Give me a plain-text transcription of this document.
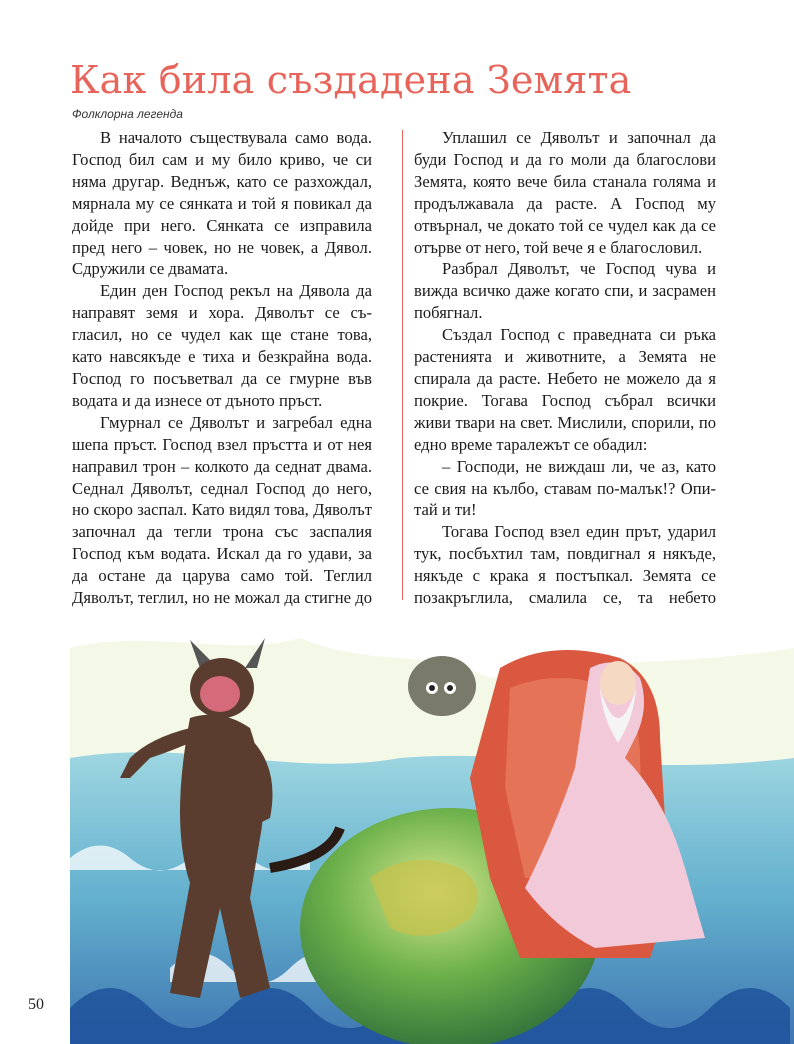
Как била създадена Земята
Фолклорна легенда

В началото съществувала само вода. Господ бил сам и му било криво, че си няма другар. Веднъж, като се разхождал, мярнала му се сянката и той я повикал да дойде при него. Сянката се изправила пред него – човек, но не човек, а Дявол. Сдружили се двамата.

Един ден Господ рекъл на Дявола да направят земя и хора. Дяволът се съгласил, но се чудел как ще стане това, като навсякъде е тиха и безкрайна вода. Господ го посъветвал да се гмурне във водата и да изнесе от дъното пръст.

Гмурнал се Дяволът и загребал една шепа пръст. Господ взел пръстта и от нея направил трон – колкото да седнат двама. Седнал Дяволът, седнал Господ до него, но скоро заспал. Като видял това, Дяволът започнал да тегли трона със заспалия Господ към водата. Искал да го удави, за да остане да царува само той. Теглил Дяволът, теглил, но не можал да стигне до

Уплашил се Дяволът и започнал да буди Господ и да го моли да благослови Земята, която вече била станала голяма и продължавала да расте. А Господ му отвърнал, че докато той се чудел как да се отърве от него, той вече я е благословил.

Разбрал Дяволът, че Господ чува и вижда всичко даже когато спи, и засрамен побягнал.

Създал Господ с праведната си ръка растенията и животните, а Земята не спирала да расте. Небето не можело да я покрие. Тогава Господ събрал всички живи твари на свет. Мислили, спорили, по едно време таралежът се обадил:

– Господи, не виждаш ли, че аз, като се свия на кълбо, ставам по-малък!? Опитай и ти!

Тогава Господ взел един прът, ударил тук, посбъхтил там, повдигнал я някъде, някъде с крака я постъпкал. Земята се позакръглила, смалила се, та небето

50
